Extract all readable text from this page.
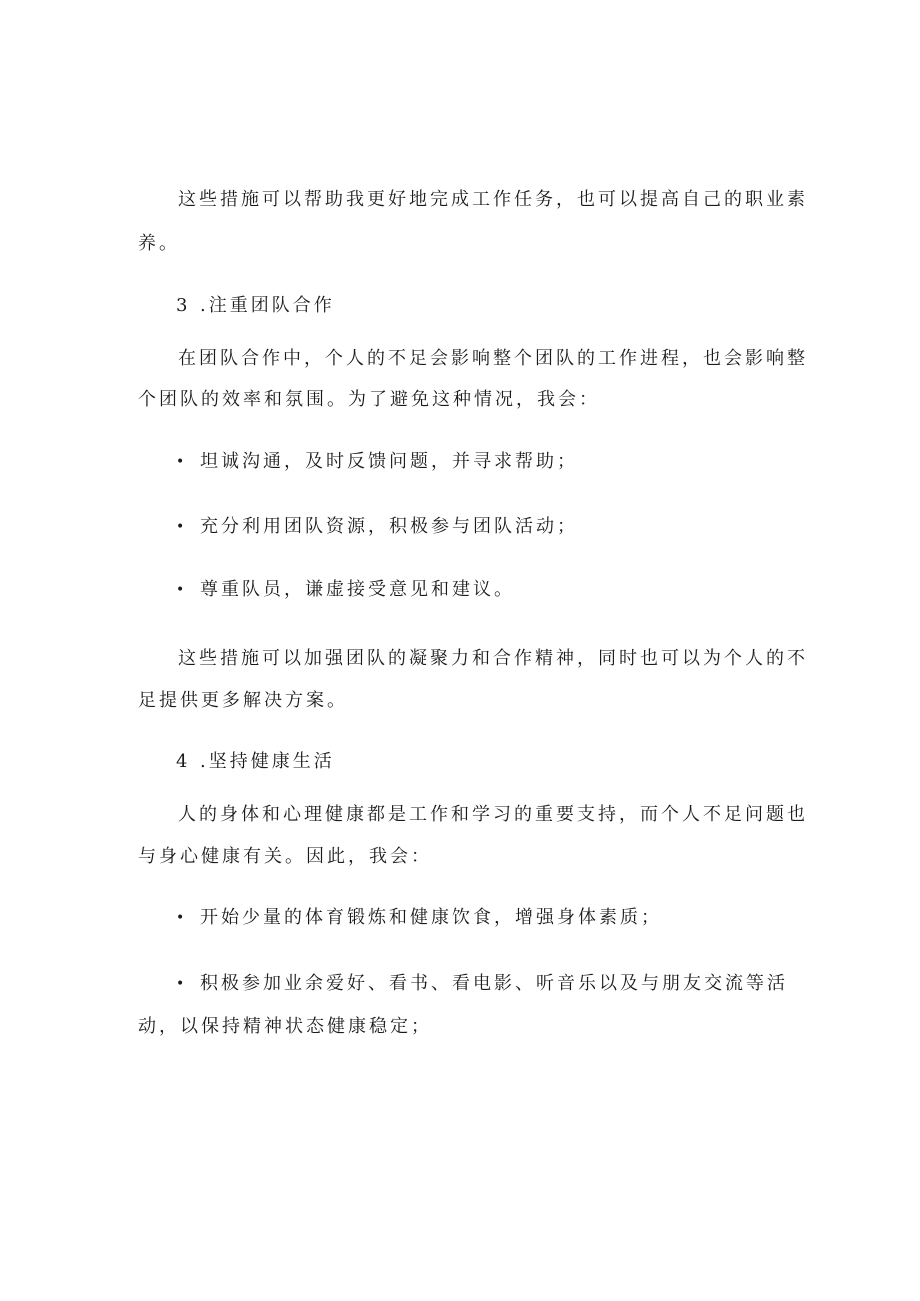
这些措施可以帮助我更好地完成工作任务，也可以提高自己的职业素
养。
3 .注重团队合作
在团队合作中，个人的不足会影响整个团队的工作进程，也会影响整
个团队的效率和氛围。为了避免这种情况，我会：
• 坦诚沟通，及时反馈问题，并寻求帮助；
• 充分利用团队资源，积极参与团队活动；
• 尊重队员，谦虚接受意见和建议。
这些措施可以加强团队的凝聚力和合作精神，同时也可以为个人的不
足提供更多解决方案。
4 .坚持健康生活
人的身体和心理健康都是工作和学习的重要支持，而个人不足问题也
与身心健康有关。因此，我会：
• 开始少量的体育锻炼和健康饮食，增强身体素质；
• 积极参加业余爱好、看书、看电影、听音乐以及与朋友交流等活
动，以保持精神状态健康稳定；
